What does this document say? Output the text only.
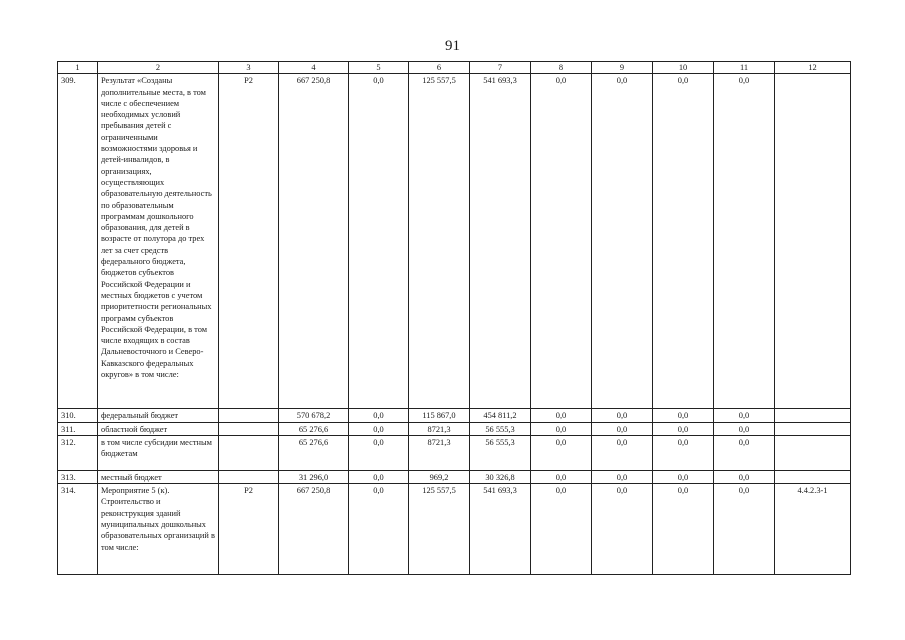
91
1	2	3	4	5	6	7	8	9	10	11	12
309.	Результат «Созданы дополнительные места, в том числе с обеспечением необходимых условий пребывания детей с ограниченными возможностями здоровья и детей-инвалидов, в организациях, осуществляющих образовательную деятельность по образовательным программам дошкольного образования, для детей в возрасте от полутора до трех лет за счет средств федерального бюджета, бюджетов субъектов Российской Федерации и местных бюджетов с учетом приоритетности региональных программ субъектов Российской Федерации, в том числе входящих в состав Дальневосточного и Северо-Кавказского федеральных округов» в том числе:	P2	667 250,8	0,0	125 557,5	541 693,3	0,0	0,0	0,0	0,0	
310.	федеральный бюджет		570 678,2	0,0	115 867,0	454 811,2	0,0	0,0	0,0	0,0	
311.	областной бюджет		65 276,6	0,0	8721,3	56 555,3	0,0	0,0	0,0	0,0	
312.	в том числе субсидии местным бюджетам		65 276,6	0,0	8721,3	56 555,3	0,0	0,0	0,0	0,0	
313.	местный бюджет		31 296,0	0,0	969,2	30 326,8	0,0	0,0	0,0	0,0	
314.	Мероприятие 5 (к). Строительство и реконструкция зданий муниципальных дошкольных образовательных организаций в том числе:	P2	667 250,8	0,0	125 557,5	541 693,3	0,0	0,0	0,0	0,0	4.4.2.3-1
